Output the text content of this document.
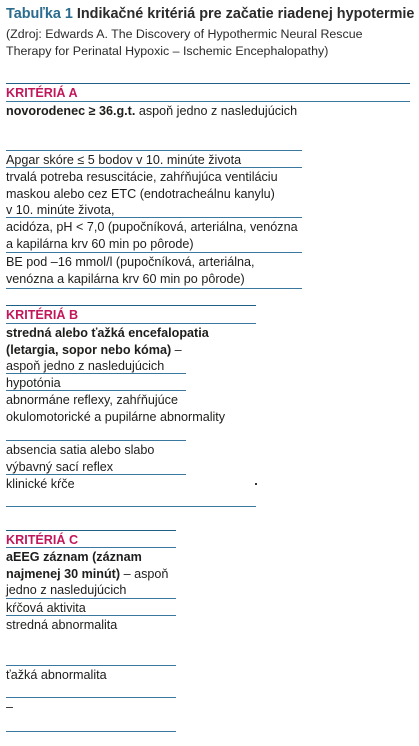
Tabuľka 1 Indikačné kritériá pre začatie riadenej hypotermie
(Zdroj: Edwards A. The Discovery of Hypothermic Neural Rescue
Therapy for Perinatal Hypoxic – Ischemic Encephalopathy)
KRITÉRIÁ A
novorodenec ≥ 36.g.t. aspoň jedno z nasledujúcich
Apgar skóre ≤ 5 bodov v 10. minúte života
trvalá potreba resuscitácie, zahŕňujúca ventiláciu
maskou alebo cez ETC (endotracheálnu kanylu)
v 10. minúte života,
acidóza, pH < 7,0 (pupočníková, arteriálna, venózna
a kapilárna krv 60 min po pôrode)
BE pod –16 mmol/l (pupočníková, arteriálna,
venózna a kapilárna krv 60 min po pôrode)
KRITÉRIÁ B
stredná alebo ťažká encefalopatia
(letargia, sopor nebo kóma) –
aspoň jedno z nasledujúcich
hypotónia
abnormáne reflexy, zahŕňujúce
okulomotorické a pupilárne abnormality
absencia satia alebo slabo
výbavný sací reflex
klinické kŕče
KRITÉRIÁ C
aEEG záznam (záznam
najmenej 30 minút) – aspoň
jedno z nasledujúcich
kŕčová aktivita
stredná abnormalita
ťažká abnormalita
–
